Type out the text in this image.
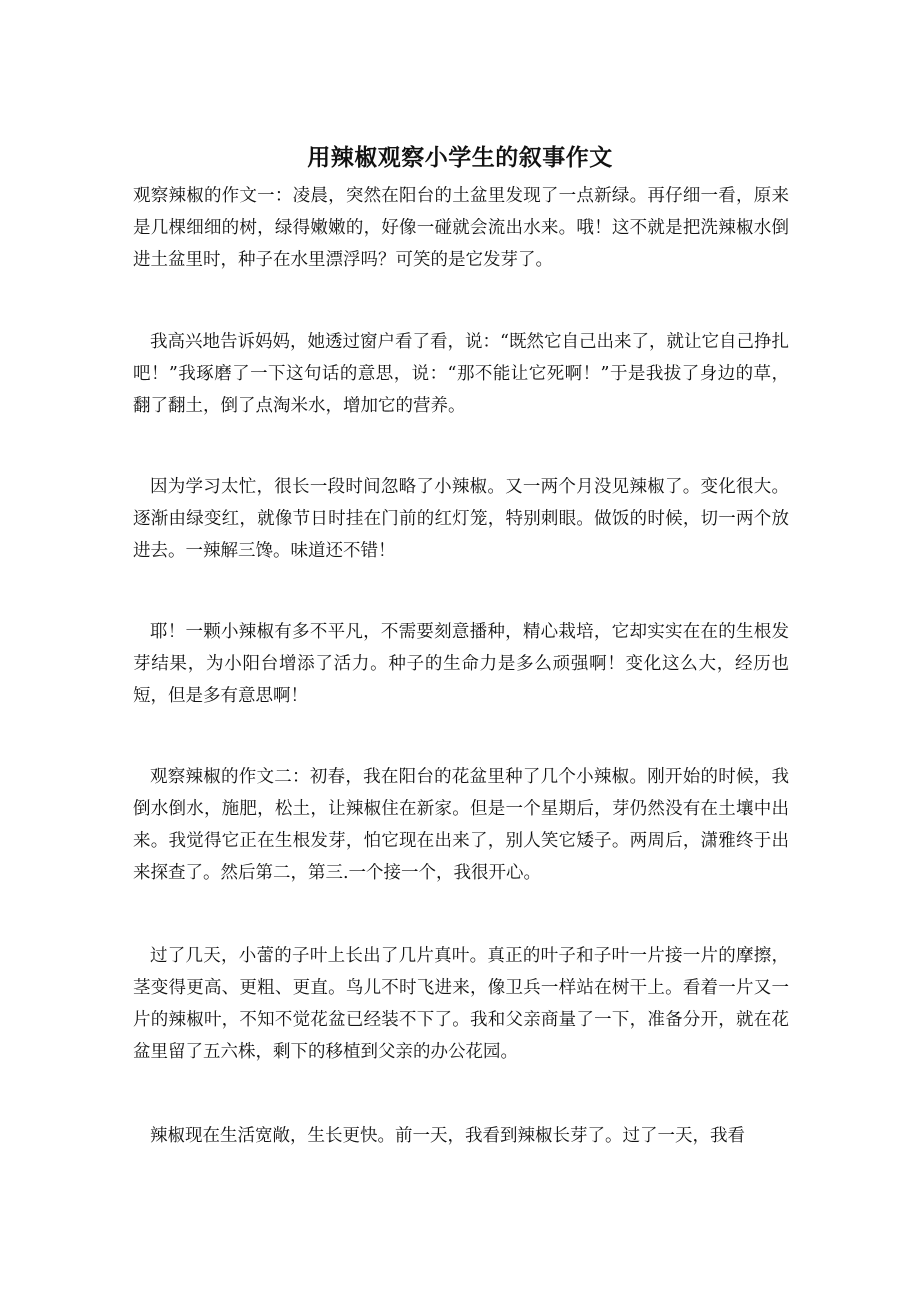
用辣椒观察小学生的叙事作文

观察辣椒的作文一：凌晨，突然在阳台的土盆里发现了一点新绿。再仔细一看，原来是几棵细细的树，绿得嫩嫩的，好像一碰就会流出水来。哦！这不就是把洗辣椒水倒进土盆里时，种子在水里漂浮吗？可笑的是它发芽了。

我高兴地告诉妈妈，她透过窗户看了看，说：“既然它自己出来了，就让它自己挣扎吧！”我琢磨了一下这句话的意思，说：“那不能让它死啊！”于是我拔了身边的草，翻了翻土，倒了点淘米水，增加它的营养。

因为学习太忙，很长一段时间忽略了小辣椒。又一两个月没见辣椒了。变化很大。逐渐由绿变红，就像节日时挂在门前的红灯笼，特别刺眼。做饭的时候，切一两个放进去。一辣解三馋。味道还不错！

耶！一颗小辣椒有多不平凡，不需要刻意播种，精心栽培，它却实实在在的生根发芽结果，为小阳台增添了活力。种子的生命力是多么顽强啊！变化这么大，经历也短，但是多有意思啊！

观察辣椒的作文二：初春，我在阳台的花盆里种了几个小辣椒。刚开始的时候，我倒水倒水，施肥，松土，让辣椒住在新家。但是一个星期后，芽仍然没有在土壤中出来。我觉得它正在生根发芽，怕它现在出来了，别人笑它矮子。两周后，潇雅终于出来探查了。然后第二，第三.一个接一个，我很开心。

过了几天，小蕾的子叶上长出了几片真叶。真正的叶子和子叶一片接一片的摩擦，茎变得更高、更粗、更直。鸟儿不时飞进来，像卫兵一样站在树干上。看着一片又一片的辣椒叶，不知不觉花盆已经装不下了。我和父亲商量了一下，准备分开，就在花盆里留了五六株，剩下的移植到父亲的办公花园。

辣椒现在生活宽敞，生长更快。前一天，我看到辣椒长芽了。过了一天，我看
